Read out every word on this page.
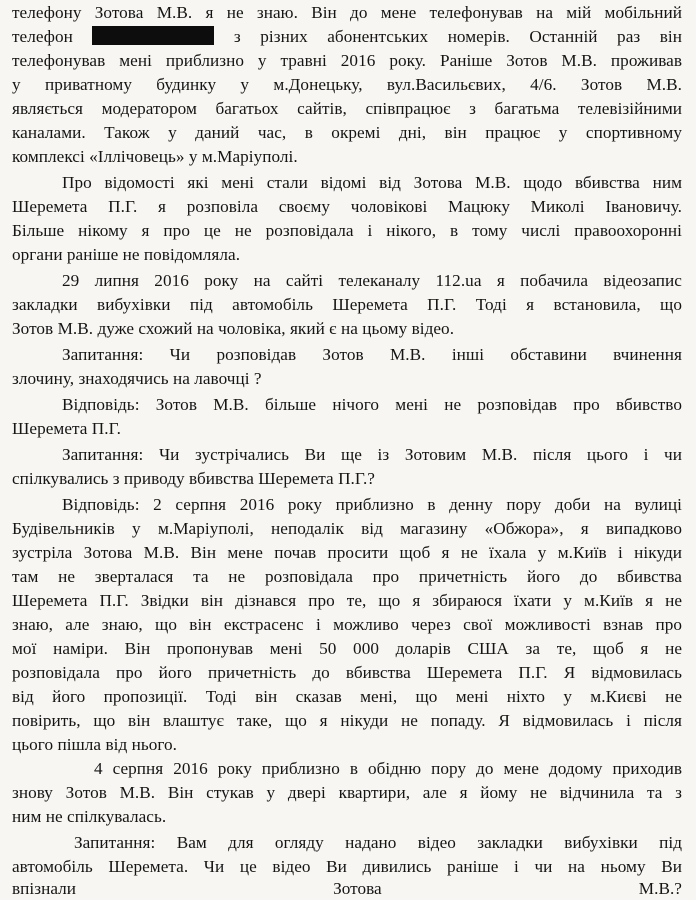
телефону Зотова М.В. я не знаю. Він до мене телефонував на мій мобільний
телефон	з різних абонентських номерів. Останній раз він
телефонував мені приблизно у травні 2016 року. Раніше Зотов М.В. проживав
у приватному будинку у м.Донецьку, вул.Васильєвих, 4/6. Зотов М.В.
являється модератором багатьох сайтів, співпрацює з багатьма телевізійними
каналами. Також у даний час, в окремі дні, він працює у спортивному
комплексі «Іллічовець» у м.Маріуполі.
Про відомості які мені стали відомі від Зотова М.В. щодо вбивства ним
Шеремета П.Г. я розповіла своєму чоловікові Мацюку Миколі Івановичу.
Більше нікому я про це не розповідала і нікого, в тому числі правоохоронні
органи раніше не повідомляла.
29 липня 2016 року на сайті телеканалу 112.ua я побачила відеозапис
закладки вибухівки під автомобіль Шеремета П.Г. Тоді я встановила, що
Зотов М.В. дуже схожий на чоловіка, який є на цьому відео.
Запитання: Чи розповідав Зотов М.В. інші обставини вчинення
злочину, знаходячись на лавочці ?
Відповідь: Зотов М.В. більше нічого мені не розповідав про вбивство
Шеремета П.Г.
Запитання: Чи зустрічались Ви ще із Зотовим М.В. після цього і чи
спілкувались з приводу вбивства Шеремета П.Г.?
Відповідь: 2 серпня 2016 року приблизно в денну пору доби на вулиці
Будівельників у м.Маріуполі, неподалік від магазину «Обжора», я випадково
зустріла Зотова М.В. Він мене почав просити щоб я не їхала у м.Київ і нікуди
там не зверталася та не розповідала про причетність його до вбивства
Шеремета П.Г. Звідки він дізнався про те, що я збираюся їхати у м.Київ я не
знаю, але знаю, що він екстрасенс і можливо через свої можливості взнав про
мої наміри. Він пропонував мені 50 000 доларів США за те, щоб я не
розповідала про його причетність до вбивства Шеремета П.Г. Я відмовилась
від його пропозиції. Тоді він сказав мені, що мені ніхто у м.Києві не
повірить, що він влаштує таке, що я нікуди не попаду. Я відмовилась і після
цього пішла від нього.
4 серпня 2016 року приблизно в обідню пору до мене додому приходив
знову Зотов М.В. Він стукав у двері квартири, але я йому не відчинила та з
ним не спілкувалась.
Запитання: Вам для огляду надано відео закладки вибухівки під
автомобіль Шеремета. Чи це відео Ви дивились раніше і чи на ньому Ви
впізнали Зотова М.В.?
